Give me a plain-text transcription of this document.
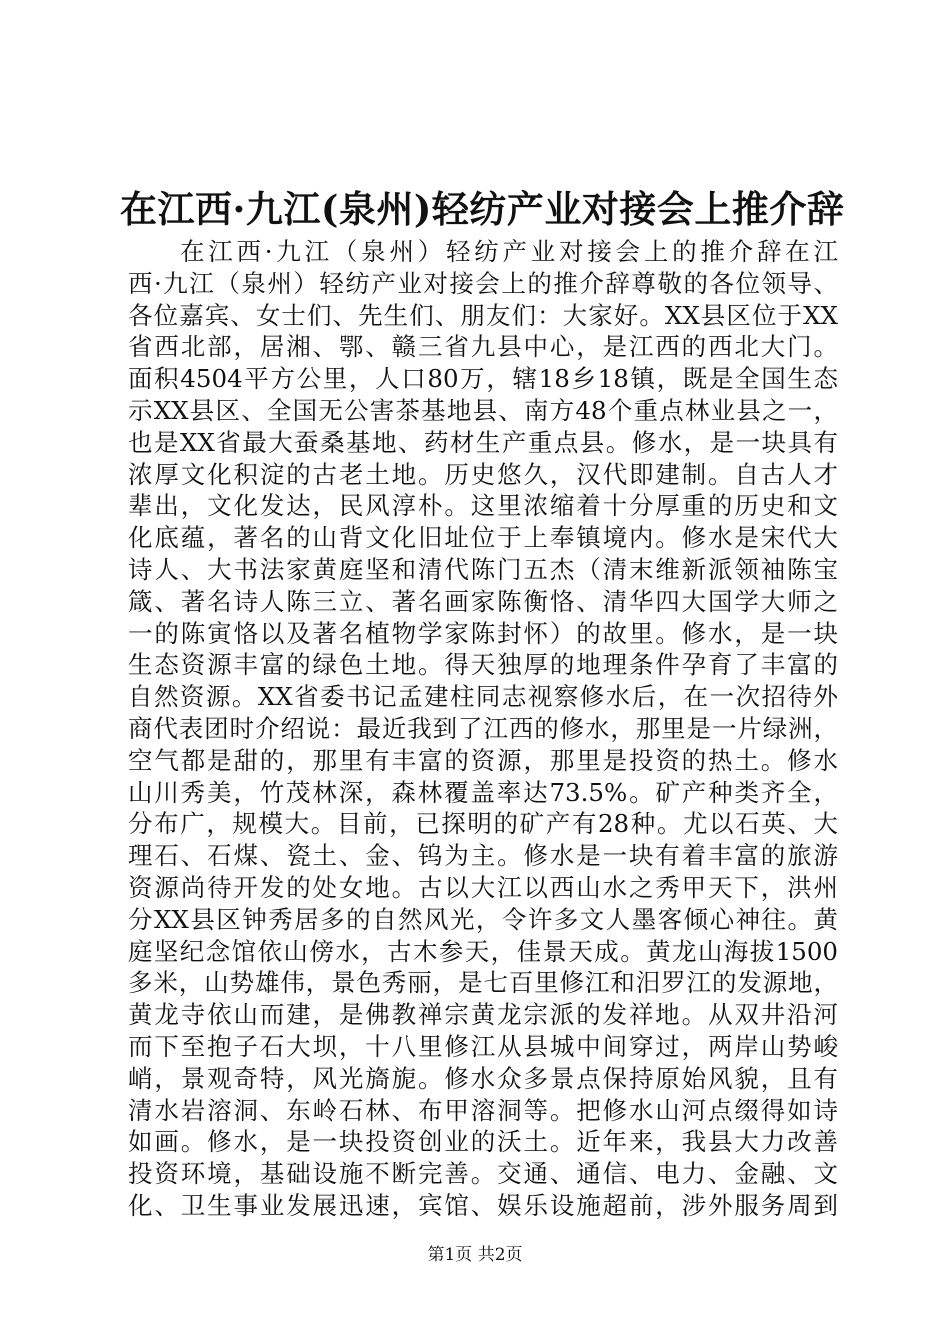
在江西·九江(泉州)轻纺产业对接会上推介辞
在江西·九江（泉州）轻纺产业对接会上的推介辞在江
西·九江（泉州）轻纺产业对接会上的推介辞尊敬的各位领导、
各位嘉宾、女士们、先生们、朋友们：大家好。XX县区位于XX
省西北部，居湘、鄂、赣三省九县中心，是江西的西北大门。
面积4504平方公里，人口80万，辖18乡18镇，既是全国生态
示XX县区、全国无公害茶基地县、南方48个重点林业县之一，
也是XX省最大蚕桑基地、药材生产重点县。修水，是一块具有
浓厚文化积淀的古老土地。历史悠久，汉代即建制。自古人才
辈出，文化发达，民风淳朴。这里浓缩着十分厚重的历史和文
化底蕴，著名的山背文化旧址位于上奉镇境内。修水是宋代大
诗人、大书法家黄庭坚和清代陈门五杰（清末维新派领袖陈宝
箴、著名诗人陈三立、著名画家陈衡恪、清华四大国学大师之
一的陈寅恪以及著名植物学家陈封怀）的故里。修水，是一块
生态资源丰富的绿色土地。得天独厚的地理条件孕育了丰富的
自然资源。XX省委书记孟建柱同志视察修水后，在一次招待外
商代表团时介绍说：最近我到了江西的修水，那里是一片绿洲，
空气都是甜的，那里有丰富的资源，那里是投资的热土。修水
山川秀美，竹茂林深，森林覆盖率达73.5%。矿产种类齐全，
分布广，规模大。目前，已探明的矿产有28种。尤以石英、大
理石、石煤、瓷土、金、钨为主。修水是一块有着丰富的旅游
资源尚待开发的处女地。古以大江以西山水之秀甲天下，洪州
分XX县区钟秀居多的自然风光，令许多文人墨客倾心神往。黄
庭坚纪念馆依山傍水，古木参天，佳景天成。黄龙山海拔1500
多米，山势雄伟，景色秀丽，是七百里修江和汨罗江的发源地，
黄龙寺依山而建，是佛教禅宗黄龙宗派的发祥地。从双井沿河
而下至抱子石大坝，十八里修江从县城中间穿过，两岸山势峻
峭，景观奇特，风光旖旎。修水众多景点保持原始风貌，且有
清水岩溶洞、东岭石林、布甲溶洞等。把修水山河点缀得如诗
如画。修水，是一块投资创业的沃土。近年来，我县大力改善
投资环境，基础设施不断完善。交通、通信、电力、金融、文
化、卫生事业发展迅速，宾馆、娱乐设施超前，涉外服务周到
第1页 共2页
